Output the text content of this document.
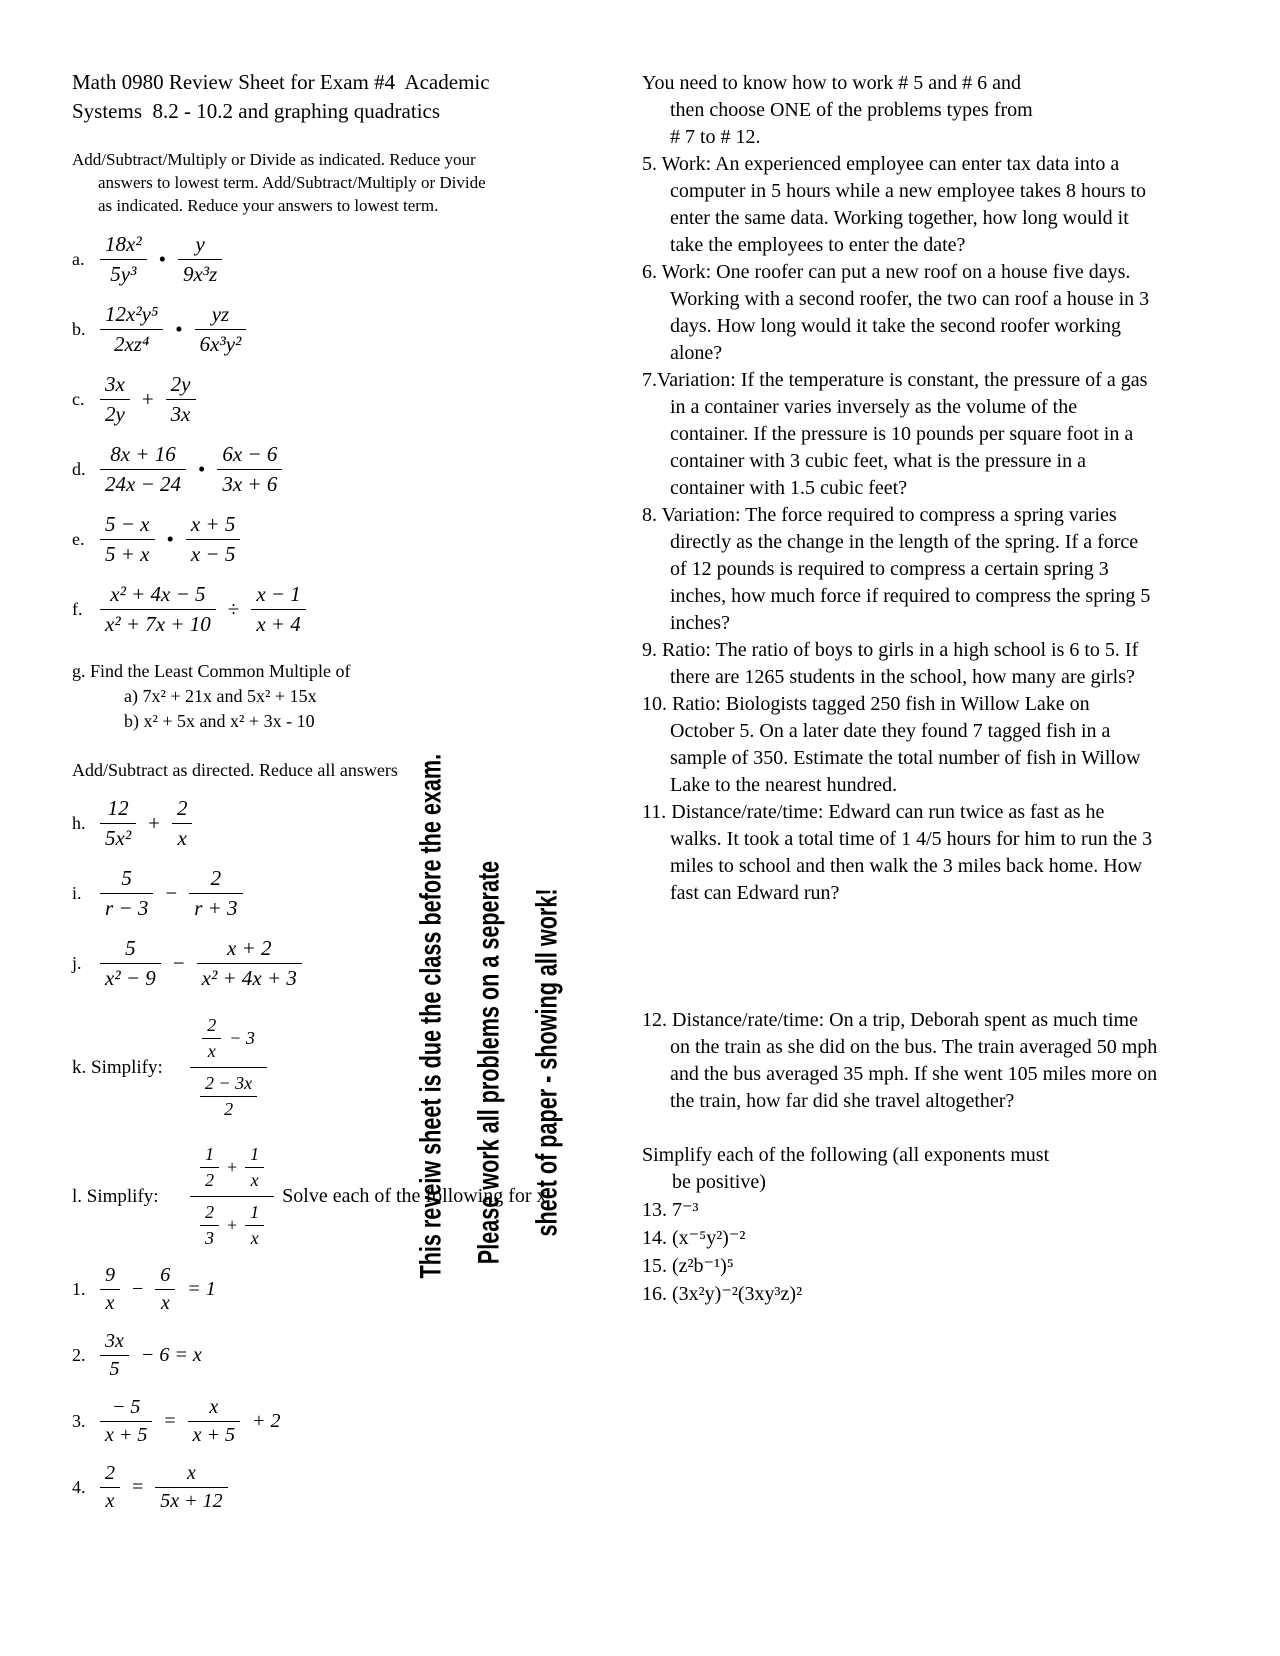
Math 0980 Review Sheet for Exam #4  Academic
Systems  8.2 - 10.2 and graphing quadratics
Add/Subtract/Multiply or Divide as indicated. Reduce your
answers to lowest term. Add/Subtract/Multiply or Divide
as indicated. Reduce your answers to lowest term.
a. $\frac{\text{18x²}}{\text{5y³}}$ • $\frac{y}{\text{9x³z}}$
b. $\frac{\text{12x²y⁵}}{\text{2xz⁴}}$ • $\frac{yz}{\text{6x³y²}}$
c. $\frac{3x}{2y} + \frac{2y}{3x}$
d. $\frac{8x + 16}{24x - 24}$ • $\frac{6x - 6}{3x + 6}$
e. $\frac{5 - x}{5 + x}$ • $\frac{x + 5}{x - 5}$
f. $\frac{\text{x² + 4x − 5}}{\text{x² + 7x + 10}} \div \frac{x - 1}{x + 4}$
g. Find the Least Common Multiple of
a) 7x² + 21x and 5x² + 15x
b) x² + 5x and x² + 3x - 10
Add/Subtract as directed. Reduce all answers
h. $\frac{12}{\text{5x²}} + \frac{2}{x}$
i. $\frac{5}{r - 3} - \frac{2}{r + 3}$
j. $\frac{5}{\text{x² − 9}} - \frac{x + 2}{\text{x² + 4x + 3}}$
k. Simplify:	$\frac{\frac{2}{x} - 3}{\frac{2 - 3x}{2}}$
l. Simplify:	$\frac{\frac{1}{2} + \frac{1}{x}}{\frac{2}{3} + \frac{1}{x}}$ Solve each of the following for x
1. $\frac{9}{x} - \frac{6}{x} = 1$
2. $\frac{3x}{5} - 6 = x$
3. $\frac{- 5}{x + 5} = \frac{x}{x + 5} + 2$
4. $\frac{2}{x} = \frac{x}{5x + 12}$
You need to know how to work # 5 and # 6 and
then choose ONE of the problems types from
# 7 to # 12.
5. Work: An experienced employee can enter tax data into a computer in 5 hours while a new employee takes 8 hours to enter the same data. Working together, how long would it take the employees to enter the date?
6. Work: One roofer can put a new roof on a house five days. Working with a second roofer, the two can roof a house in 3 days. How long would it take the second roofer working alone?
7.Variation: If the temperature is constant, the pressure of a gas in a container varies inversely as the volume of the container. If the pressure is 10 pounds per square foot in a container with 3 cubic feet, what is the pressure in a container with 1.5 cubic feet?
8. Variation: The force required to compress a spring varies directly as the change in the length of the spring. If a force of 12 pounds is required to compress a certain spring 3 inches, how much force if required to compress the spring 5 inches?
9. Ratio: The ratio of boys to girls in a high school is 6 to 5. If there are 1265 students in the school, how many are girls?
10. Ratio: Biologists tagged 250 fish in Willow Lake on October 5. On a later date they found 7 tagged fish in a sample of 350. Estimate the total number of fish in Willow Lake to the nearest hundred.
11. Distance/rate/time: Edward can run twice as fast as he walks. It took a total time of 1 4/5 hours for him to run the 3 miles to school and then walk the 3 miles back home. How fast can Edward run?
12. Distance/rate/time: On a trip, Deborah spent as much time on the train as she did on the bus. The train averaged 50 mph and the bus averaged 35 mph. If she went 105 miles more on the train, how far did she travel altogether?
Simplify each of the following (all exponents must
be positive)
13. 7⁻³
14. (x⁻⁵y²)⁻²
15. (z²b⁻¹)⁵
16. (3x²y)⁻²(3xy³z)²
This reveiw sheet is due the class before the exam. Please work all problems on a seperate sheet of paper - showing all work!
